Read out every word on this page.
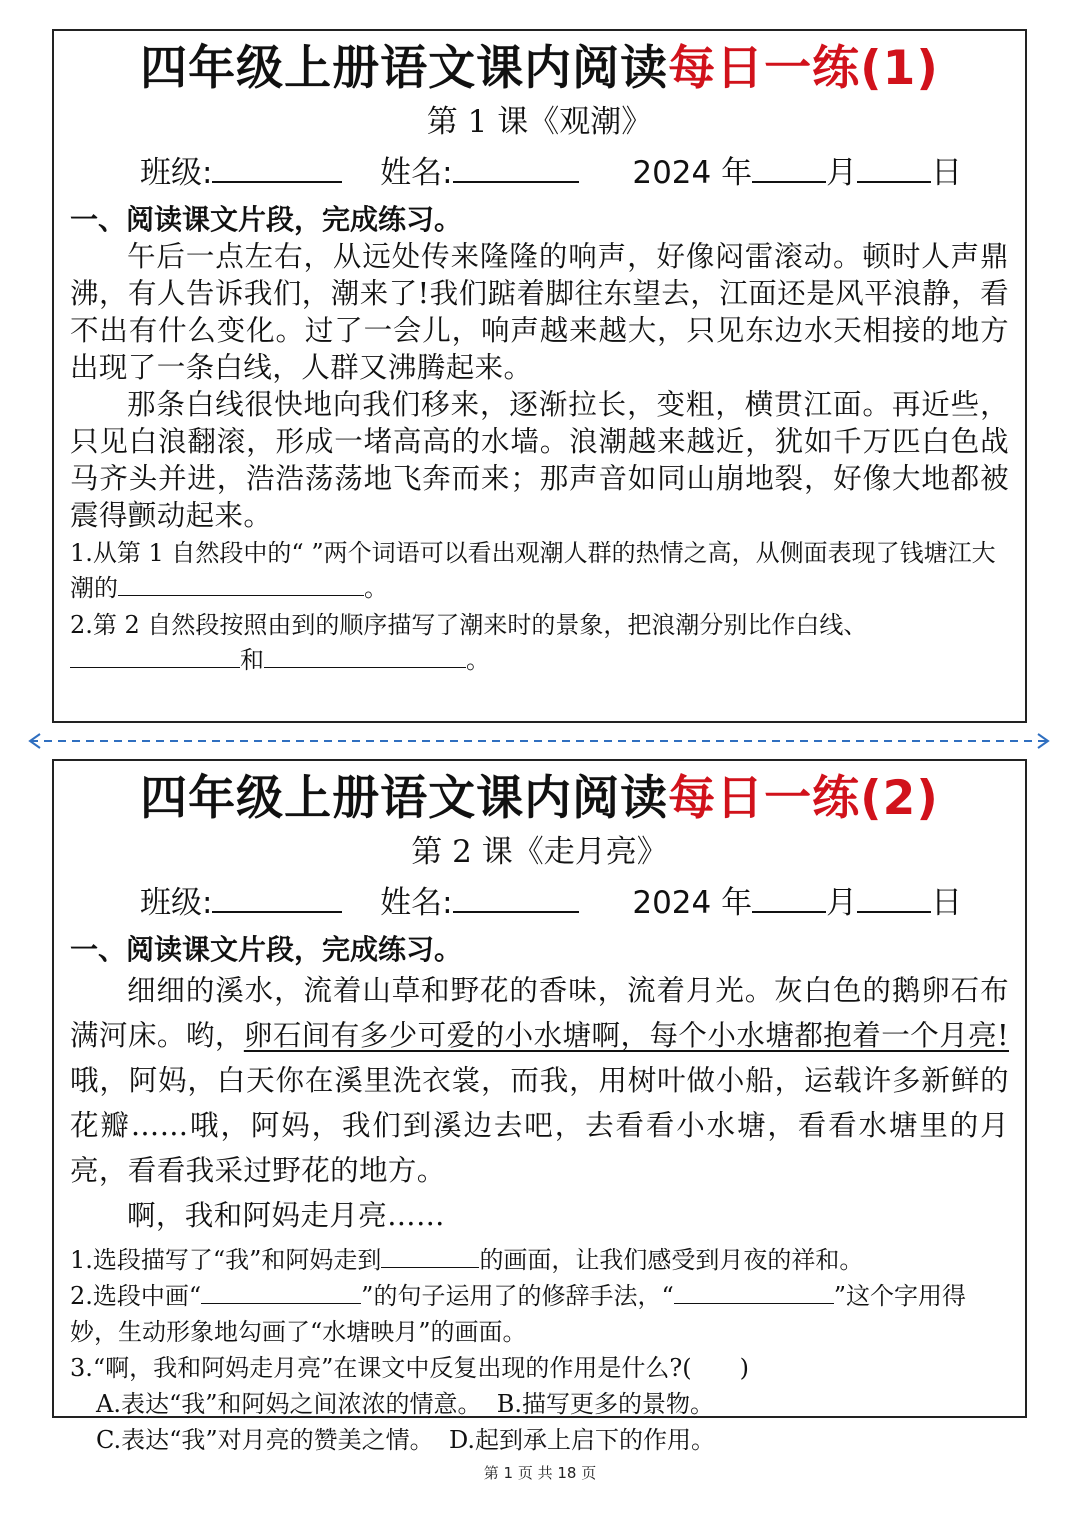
四年级上册语文课内阅读每日一练(1)
第 1 课《观潮》
班级:	姓名:	2024 年 月 日
一、阅读课文片段，完成练习。

午后一点左右，从远处传来隆隆的响声，好像闷雷滚动。顿时人声鼎沸，有人告诉我们，潮来了!我们踮着脚往东望去，江面还是风平浪静，看不出有什么变化。过了一会儿，响声越来越大，只见东边水天相接的地方出现了一条白线，人群又沸腾起来。

那条白线很快地向我们移来，逐渐拉长，变粗，横贯江面。再近些，只见白浪翻滚，形成一堵高高的水墙。浪潮越来越近，犹如千万匹白色战马齐头并进，浩浩荡荡地飞奔而来；那声音如同山崩地裂，好像大地都被震得颤动起来。

1.从第 1 自然段中的“ ”两个词语可以看出观潮人群的热情之高，从侧面表现了钱塘江大潮的	。

2.第 2 自然段按照由到的顺序描写了潮来时的景象，把浪潮分别比作白线、
和	。

四年级上册语文课内阅读每日一练(2)
第 2 课《走月亮》
班级:	姓名:	2024 年 月 日
一、阅读课文片段，完成练习。

细细的溪水，流着山草和野花的香味，流着月光。灰白色的鹅卵石布满河床。哟，卵石间有多少可爱的小水塘啊，每个小水塘都抱着一个月亮!哦，阿妈，白天你在溪里洗衣裳，而我，用树叶做小船，运载许多新鲜的花瓣……哦，阿妈，我们到溪边去吧，去看看小水塘，看看水塘里的月亮，看看我采过野花的地方。

啊，我和阿妈走月亮……

1.选段描写了“我”和阿妈走到	的画面，让我们感受到月夜的祥和。

2.选段中画“	”的句子运用了的修辞手法，“	”这个字用得妙，生动形象地勾画了“水塘映月”的画面。

3.“啊，我和阿妈走月亮”在课文中反复出现的作用是什么?(　　)

A.表达“我”和阿妈之间浓浓的情意。 B.描写更多的景物。

C.表达“我”对月亮的赞美之情。 D.起到承上启下的作用。

第 1 页 共 18 页
